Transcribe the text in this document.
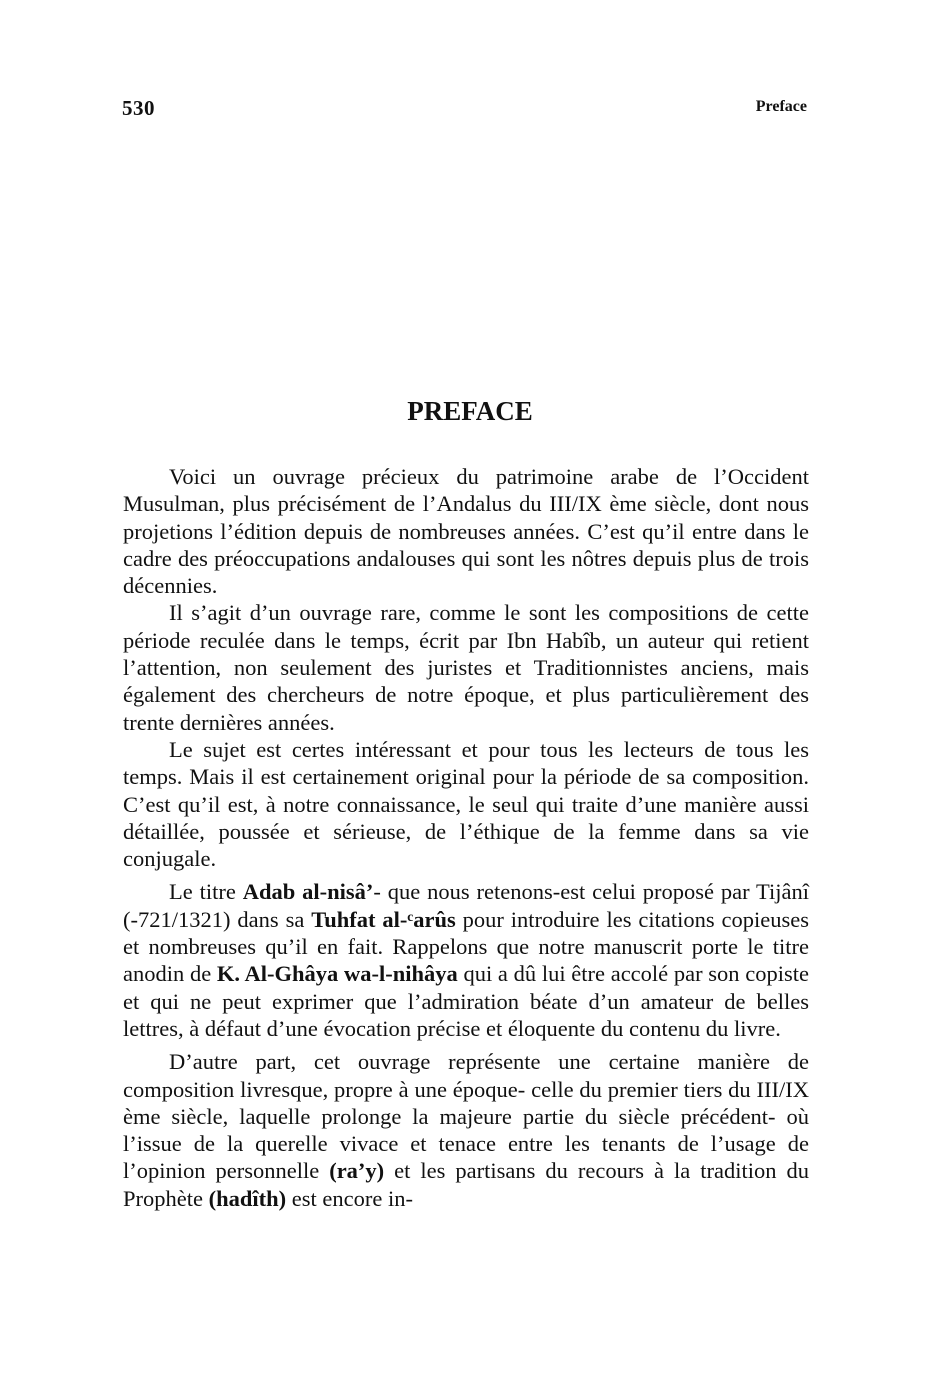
530	Preface
PREFACE

Voici un ouvrage précieux du patrimoine arabe de l’Occident Musulman, plus précisément de l’Andalus du III/IX ème siècle, dont nous projetions l’édition depuis de nombreuses années. C’est qu’il entre dans le cadre des préoccupations andalouses qui sont les nôtres depuis plus de trois décennies.

Il s’agit d’un ouvrage rare, comme le sont les compositions de cette période reculée dans le temps, écrit par Ibn Habîb, un auteur qui retient l’attention, non seulement des juristes et Traditionnistes anciens, mais également des chercheurs de notre époque, et plus particulièrement des trente dernières années.

Le sujet est certes intéressant et pour tous les lecteurs de tous les temps. Mais il est certainement original pour la période de sa composition. C’est qu’il est, à notre connaissance, le seul qui traite d’une manière aussi détaillée, poussée et sérieuse, de l’éthique de la femme dans sa vie conjugale.

Le titre Adab al-nisâ’- que nous retenons-est celui proposé par Tijânî (-721/1321) dans sa Tuhfat al-ᶜarûs pour introduire les citations copieuses et nombreuses qu’il en fait. Rappelons que notre manuscrit porte le titre anodin de K. Al-Ghâya wa-l-nihâya qui a dû lui être accolé par son copiste et qui ne peut exprimer que l’admiration béate d’un amateur de belles lettres, à défaut d’une évocation précise et éloquente du contenu du livre.

D’autre part, cet ouvrage représente une certaine manière de composition livresque, propre à une époque- celle du premier tiers du III/IX ème siècle, laquelle prolonge la majeure partie du siècle précédent- où l’issue de la querelle vivace et tenace entre les tenants de l’usage de l’opinion personnelle (ra’y) et les partisans du recours à la tradition du Prophète (hadîth) est encore in-
